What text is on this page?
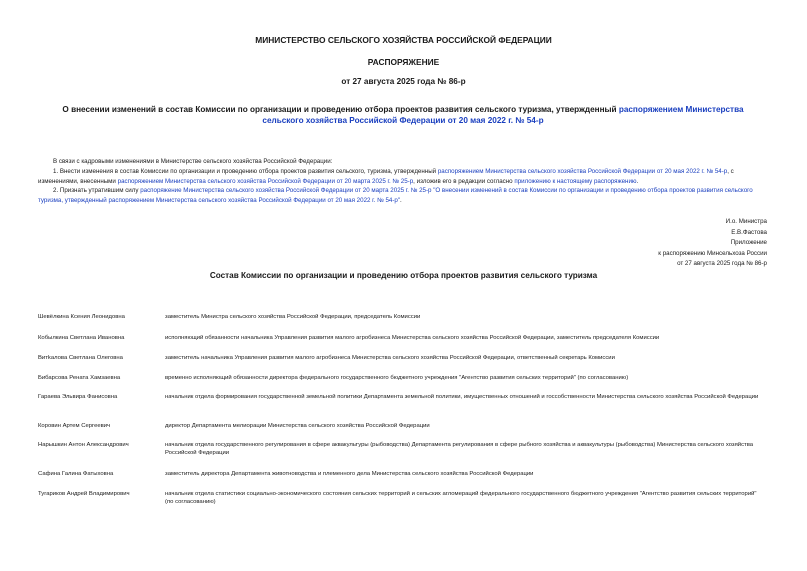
МИНИСТЕРСТВО СЕЛЬСКОГО ХОЗЯЙСТВА РОССИЙСКОЙ ФЕДЕРАЦИИ
РАСПОРЯЖЕНИЕ
от 27 августа 2025 года № 86-р
О внесении изменений в состав Комиссии по организации и проведению отбора проектов развития сельского туризма, утвержденный распоряжением Министерства сельского хозяйства Российской Федерации от 20 мая 2022 г. № 54-р

В связи с кадровыми изменениями в Министерстве сельского хозяйства Российской Федерации:

1. Внести изменения в состав Комиссии по организации и проведению отбора проектов развития сельского, туризма, утвержденный распоряжением Министерства сельского хозяйства Российской Федерации от 20 мая 2022 г. № 54-р, с изменениями, внесенными распоряжением Министерства сельского хозяйства Российской Федерации от 20 марта 2025 г. № 25-р, изложив его в редакции согласно приложению к настоящему распоряжению.

2. Признать утратившим силу распоряжение Министерства сельского хозяйства Российской Федерации от 20 марта 2025 г. № 25-р "О внесении изменений в состав Комиссии по организации и проведению отбора проектов развития сельского туризма, утвержденный распоряжением Министерства сельского хозяйства Российской Федерации от 20 мая 2022 г. № 54-р".

И.о. Министра
Е.В.Фастова
Приложение
к распоряжению Минсельхоза России
от 27 августа 2025 года № 86-р
Состав Комиссии по организации и проведению отбора проектов развития сельского туризма
Шевёлкина Ксения Леонидовна	заместитель Министра сельского хозяйства Российской Федерации, председатель Комиссии
Кобылкина Светлана Ивановна	исполняющий обязанности начальника Управления развития малого агробизнеса Министерства сельского хозяйства Российской Федерации, заместитель председателя Комиссии
Витkалова Светлана Олеговна	заместитель начальника Управления развития малого агробизнеса Министерства сельского хозяйства Российской Федерации, ответственный секретарь Комиссии
Бибарсова Рената Хамзаевна	временно исполняющий обязанности директора федерального государственного бюджетного учреждения "Агентство развития сельских территорий" (по согласованию)
Гараева Эльвира Фанисовна	начальник отдела формирования государственной земельной политики Департамента земельной политики, имущественных отношений и госсобственности Министерства сельского хозяйства Российской Федерации
Коровин Артем Сергеевич	директор Департамента мелиорации Министерства сельского хозяйства Российской Федерации
Нарышкин Антон Александрович	начальник отдела государственного регулирования в сфере аквакультуры (рыбоводства) Департамента регулирования в сфере рыбного хозяйства и аквакультуры (рыбоводства) Министерства сельского хозяйства Российской Федерации
Сафина Галина Фатыховна	заместитель директора Департамента животноводства и племенного дела Министерства сельского хозяйства Российской Федерации
Тугариков Андрей Владимирович	начальник отдела статистики социально-экономического состояния сельских территорий и сельских агломераций федерального государственного бюджетного учреждения "Агентство развития сельских территорий" (по согласованию)
